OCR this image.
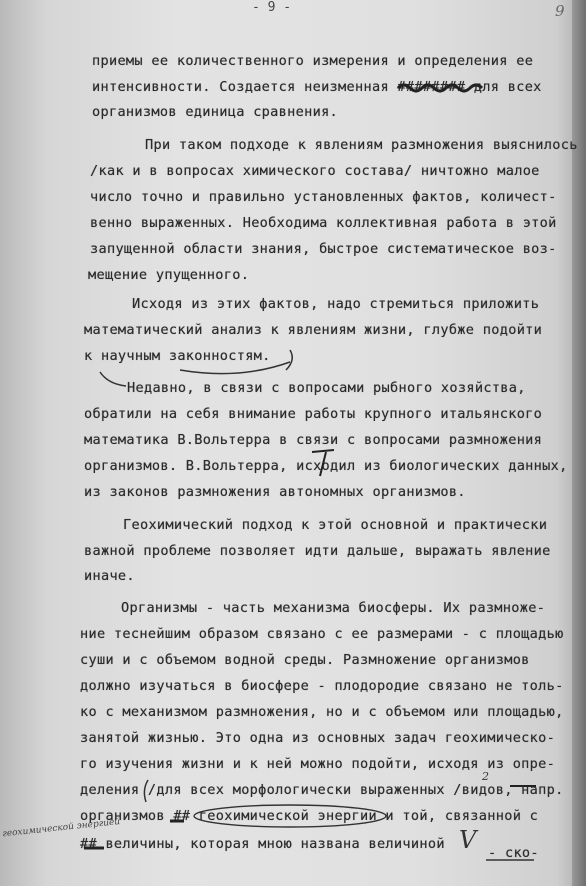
- 9 -	9
приемы ее количественного измерения и определения ее
интенсивности. Создается неизменная ######## для всех
организмов единица сравнения.
При таком подходе к явлениям размножения выяснилось
/как и в вопросах химического состава/ ничтожно малое
число точно и правильно установленных фактов, количест-
венно выраженных. Необходима коллективная работа в этой
запущенной области знания, быстрое систематическое воз-
мещение упущенного.
Исходя из этих фактов, надо стремиться приложить
математический анализ к явлениям жизни, глубже подойти
к научным законностям.
Недавно, в связи с вопросами рыбного хозяйства,
обратили на себя внимание работы крупного итальянского
математика В.Вольтерра в связи с вопросами размножения
организмов. В.Вольтерра, исходил из биологических данных,
из законов размножения автономных организмов.
Геохимический подход к этой основной и практически
важной проблеме позволяет идти дальше, выражать явление
иначе.
Организмы - часть механизма биосферы. Их размноже-
ние теснейшим образом связано с ее размерами - с площадью
суши и с объемом водной среды. Размножение организмов
должно изучаться в биосфере - плодородие связано не толь-
ко с механизмом размножения, но и с объемом или площадью,
занятой жизнью. Это одна из основных задач геохимическо-
го изучения жизни и к ней можно подойти, исходя из опре-
деления /для всех морфологически выраженных /видов, напр.
организмов ## геохимической энергии и той, связанной с
## величины, которая мною названа величиной
- ско-
геохимической энергией	V
2
